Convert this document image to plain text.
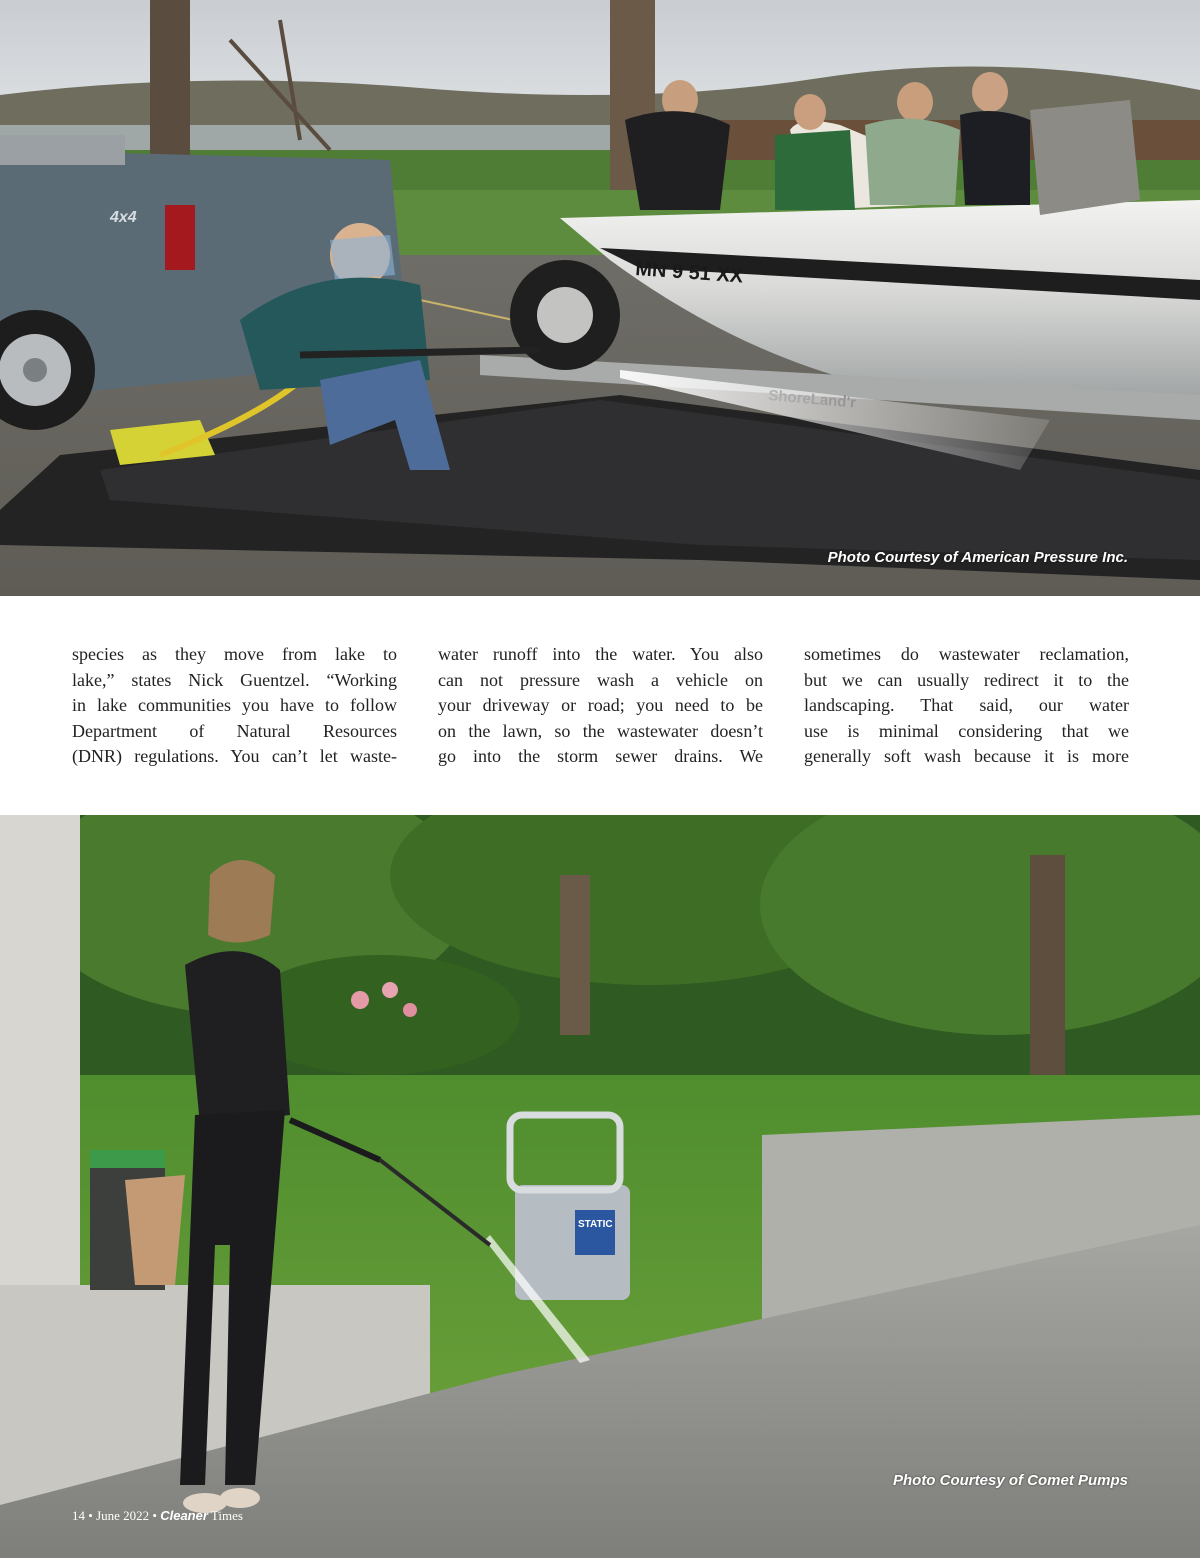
4x4
MN 9 51 XX
Photo Courtesy of American Pressure Inc.
species as they move from lake to
lake,” states Nick Guentzel. “Working
in lake communities you have to follow
Department of Natural Resources
(DNR) regulations. You can’t let waste-
water runoff into the water. You also
can not pressure wash a vehicle on
your driveway or road; you need to be
on the lawn, so the wastewater doesn’t
go into the storm sewer drains. We
sometimes do wastewater reclamation,
but we can usually redirect it to the
landscaping. That said, our water
use is minimal considering that we
generally soft wash because it is more
STATIC
Photo Courtesy of Comet Pumps
14 • June 2022 • Cleaner Times
